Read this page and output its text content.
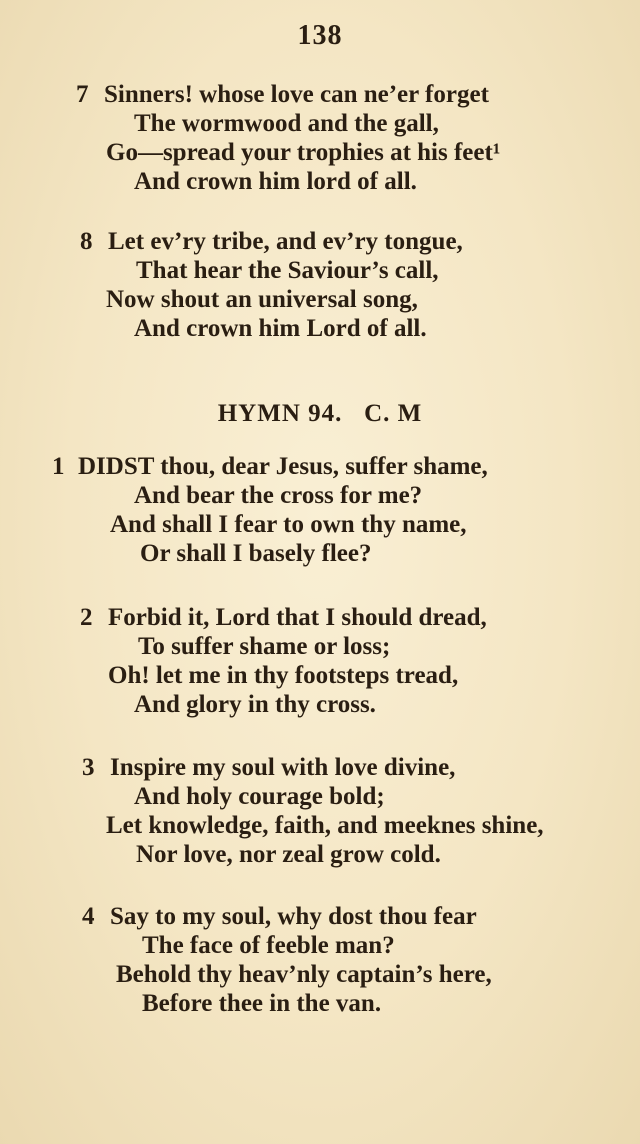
138
7 Sinners! whose love can ne’er forget
The wormwood and the gall,
Go—spread your trophies at his feet¹
And crown him lord of all.
8 Let ev’ry tribe, and ev’ry tongue,
That hear the Saviour’s call,
Now shout an universal song,
And crown him Lord of all.
HYMN 94. C. M
1 DIDST thou, dear Jesus, suffer shame,
And bear the cross for me?
And shall I fear to own thy name,
Or shall I basely flee?
2 Forbid it, Lord that I should dread,
To suffer shame or loss;
Oh! let me in thy footsteps tread,
And glory in thy cross.
3 Inspire my soul with love divine,
And holy courage bold;
Let knowledge, faith, and meeknes shine,
Nor love, nor zeal grow cold.
4 Say to my soul, why dost thou fear
The face of feeble man?
Behold thy heav’nly captain’s here,
Before thee in the van.
